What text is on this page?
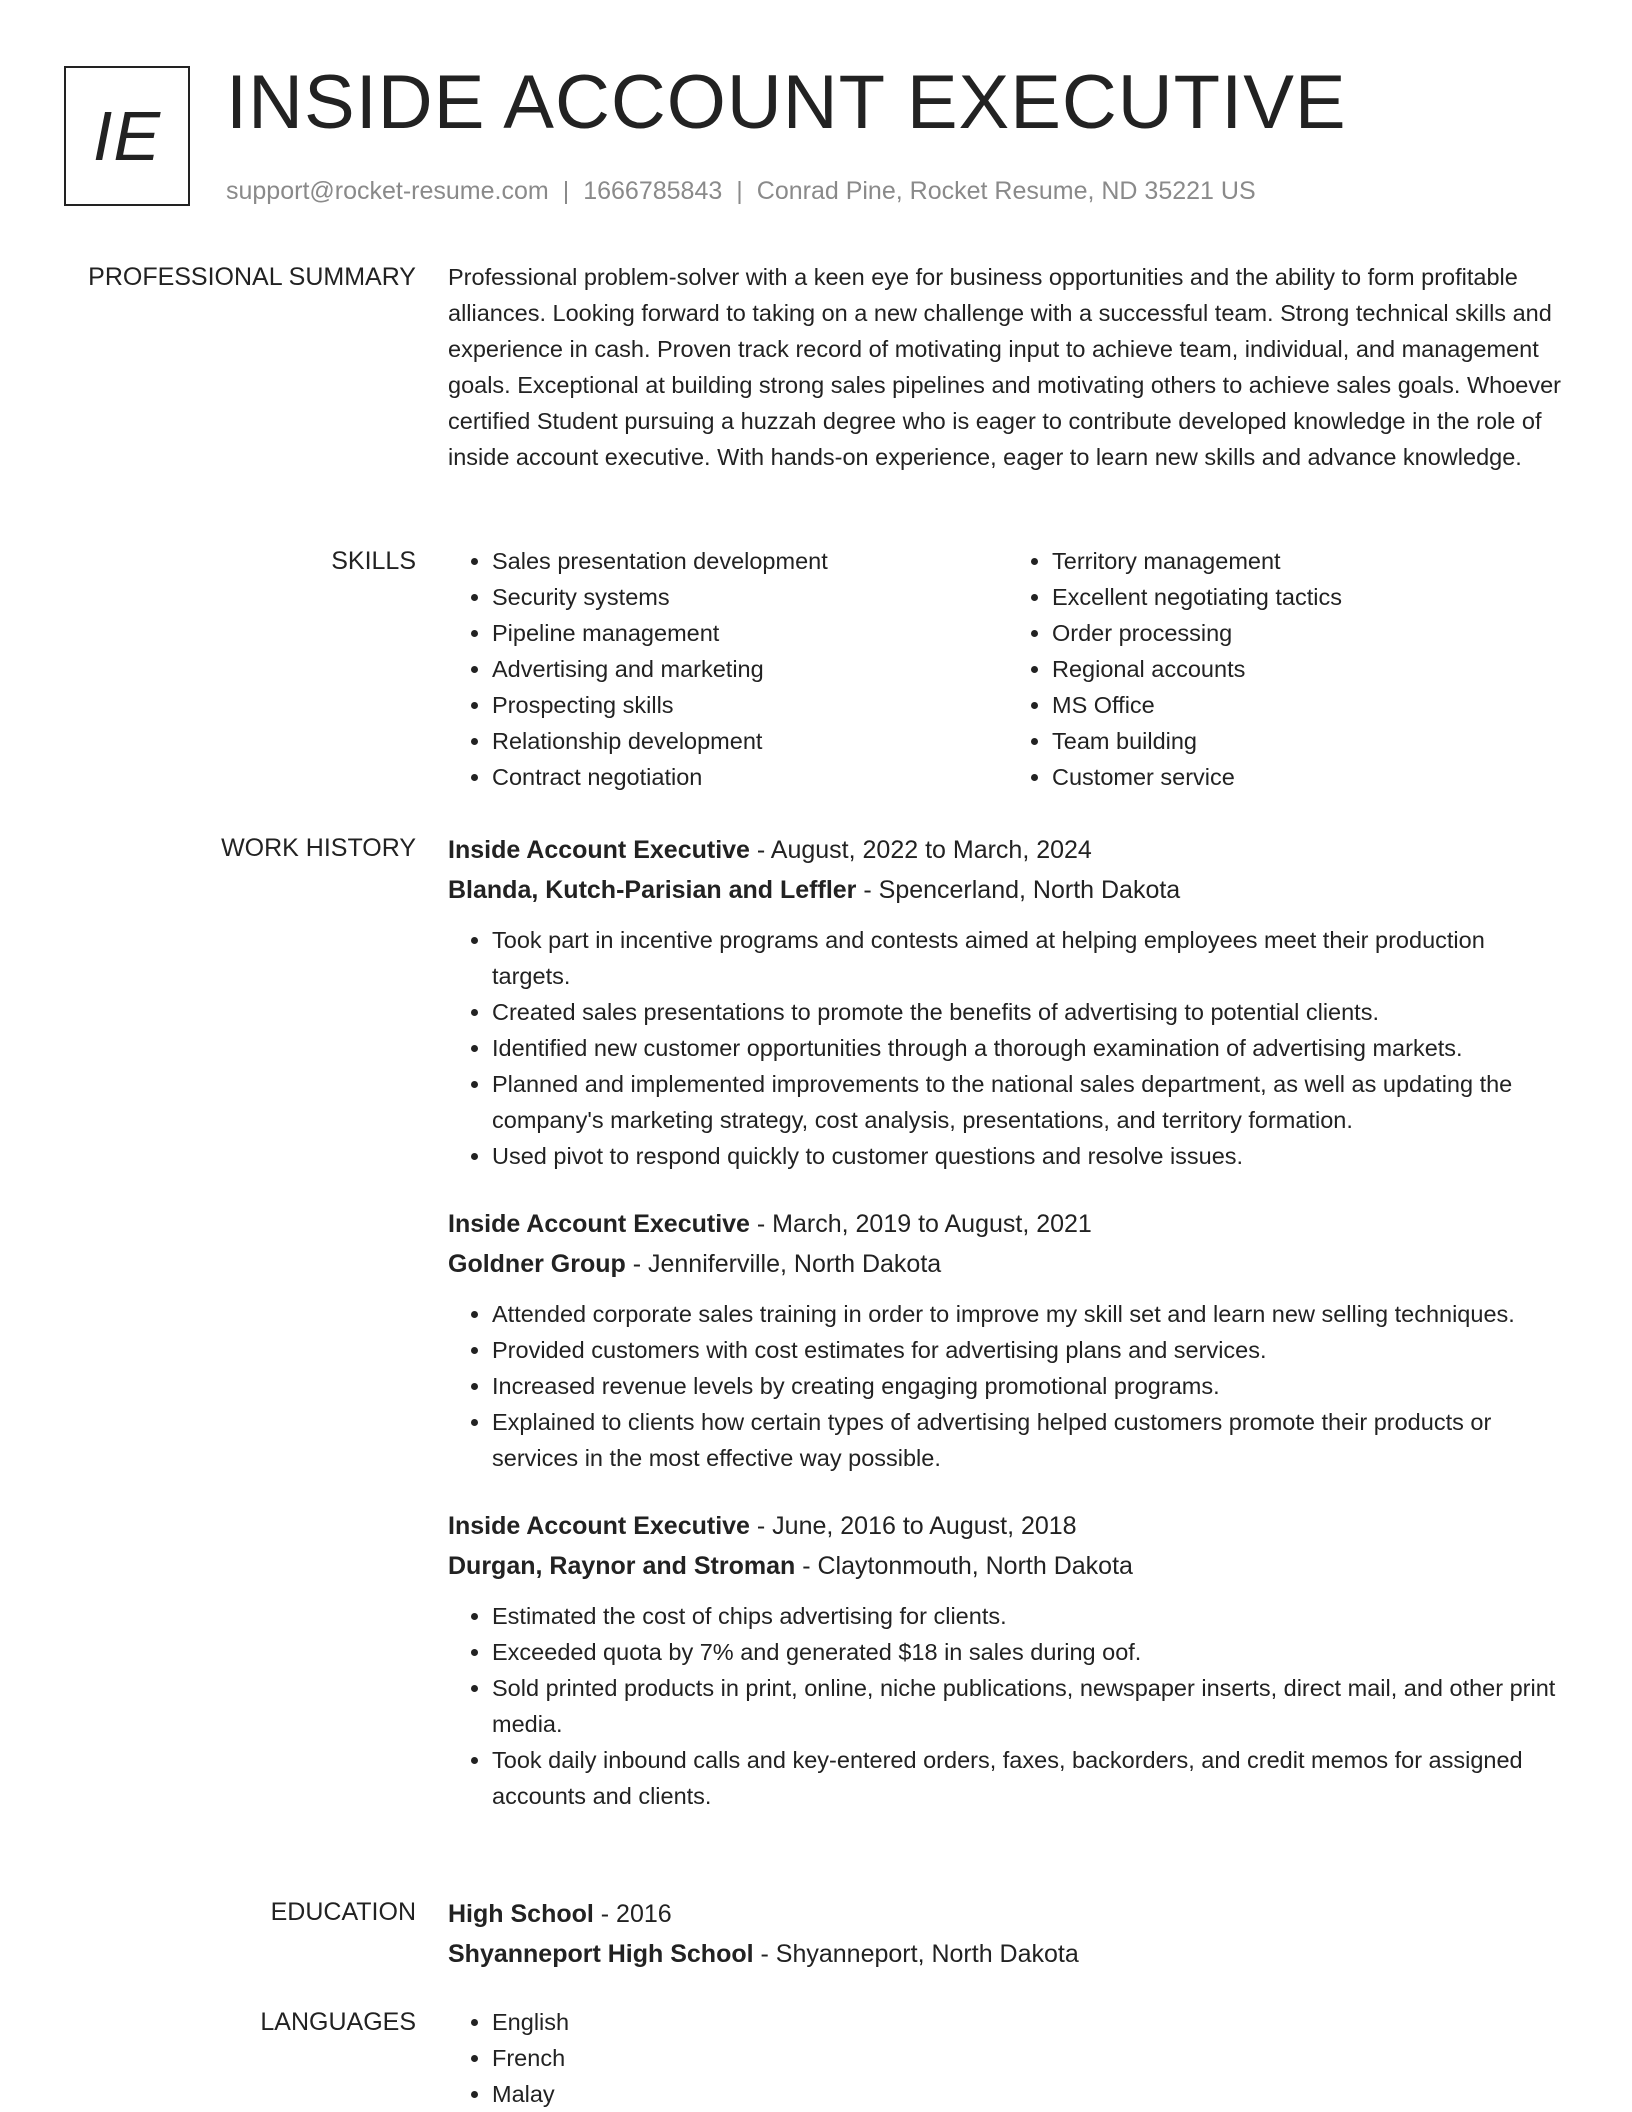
IE INSIDE ACCOUNT EXECUTIVE
support@rocket-resume.com | 1666785843 | Conrad Pine, Rocket Resume, ND 35221 US
PROFESSIONAL SUMMARY Professional problem-solver with a keen eye for business opportunities and the ability to form profitable alliances. Looking forward to taking on a new challenge with a successful team. Strong technical skills and experience in cash. Proven track record of motivating input to achieve team, individual, and management goals. Exceptional at building strong sales pipelines and motivating others to achieve sales goals. Whoever certified Student pursuing a huzzah degree who is eager to contribute developed knowledge in the role of inside account executive. With hands-on experience, eager to learn new skills and advance knowledge.
SKILLS	• Sales presentation development
• Security systems
• Pipeline management
• Advertising and marketing
• Prospecting skills
• Relationship development
• Contract negotiation
• Territory management
• Excellent negotiating tactics
• Order processing
• Regional accounts
• MS Office
• Team building
• Customer service
WORK HISTORY Inside Account Executive - August, 2022 to March, 2024
Blanda, Kutch-Parisian and Leffler - Spencerland, North Dakota
• Took part in incentive programs and contests aimed at helping employees meet their production targets.
• Created sales presentations to promote the benefits of advertising to potential clients.
• Identified new customer opportunities through a thorough examination of advertising markets.
• Planned and implemented improvements to the national sales department, as well as updating the company's marketing strategy, cost analysis, presentations, and territory formation.
• Used pivot to respond quickly to customer questions and resolve issues.
Inside Account Executive - March, 2019 to August, 2021
Goldner Group - Jenniferville, North Dakota
• Attended corporate sales training in order to improve my skill set and learn new selling techniques.
• Provided customers with cost estimates for advertising plans and services.
• Increased revenue levels by creating engaging promotional programs.
• Explained to clients how certain types of advertising helped customers promote their products or services in the most effective way possible.
Inside Account Executive - June, 2016 to August, 2018
Durgan, Raynor and Stroman - Claytonmouth, North Dakota
• Estimated the cost of chips advertising for clients.
• Exceeded quota by 7% and generated $18 in sales during oof.
• Sold printed products in print, online, niche publications, newspaper inserts, direct mail, and other print media.
• Took daily inbound calls and key-entered orders, faxes, backorders, and credit memos for assigned accounts and clients.
EDUCATION High School - 2016
Shyanneport High School - Shyanneport, North Dakota
LANGUAGES	• English
• French
• Malay
